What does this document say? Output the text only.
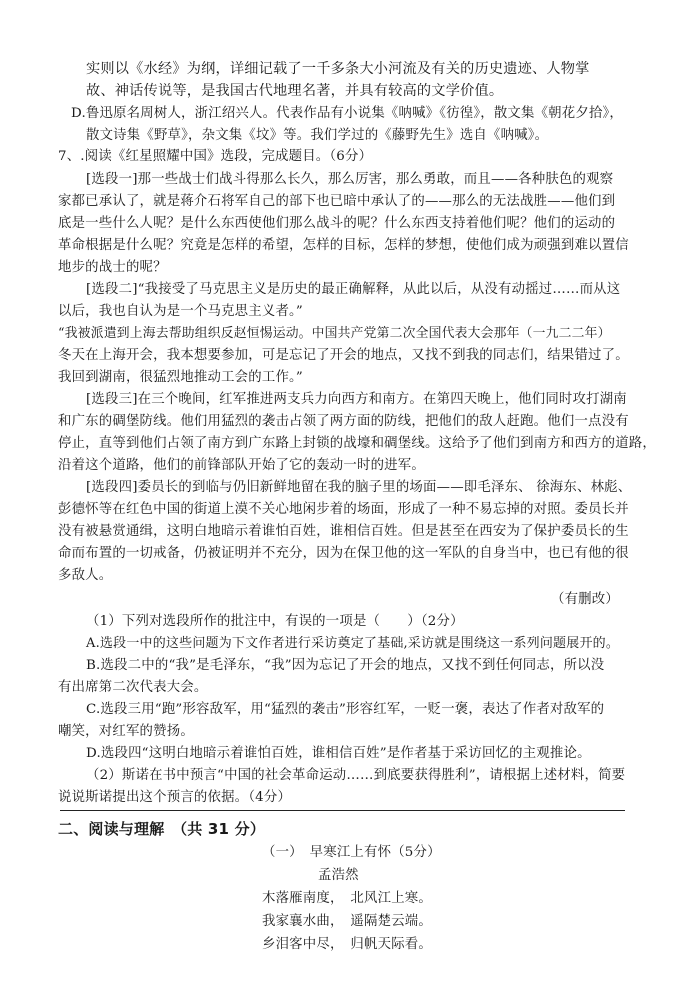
实则以《水经》为纲，详细记载了一千多条大小河流及有关的历史遗迹、人物掌
故、神话传说等，是我国古代地理名著，并具有较高的文学价值。
D.鲁迅原名周树人，浙江绍兴人。代表作品有小说集《呐喊》《彷徨》，散文集《朝花夕拾》，
散文诗集《野草》，杂文集《坟》等。我们学过的《藤野先生》选自《呐喊》。
7、.阅读《红星照耀中国》选段，完成题目。（6分）
[选段一]那一些战士们战斗得那么长久，那么厉害，那么勇敢，而且——各种肤色的观察
家都已承认了，就是蒋介石将军自己的部下也已暗中承认了的——那么的无法战胜——他们到
底是一些什么人呢？是什么东西使他们那么战斗的呢？什么东西支持着他们呢？他们的运动的
革命根据是什么呢？究竟是怎样的希望，怎样的目标，怎样的梦想，使他们成为顽强到难以置信
地步的战士的呢？
[选段二]“我接受了马克思主义是历史的最正确解释，从此以后，从没有动摇过……而从这
以后，我也自认为是一个马克思主义者。”
“我被派遣到上海去帮助组织反赵恒惕运动。中国共产党第二次全国代表大会那年（一九二二年）
冬天在上海开会，我本想要参加，可是忘记了开会的地点，又找不到我的同志们，结果错过了。
我回到湖南，很猛烈地推动工会的工作。”
[选段三]在三个晚间，红军推进两支兵力向西方和南方。在第四天晚上，他们同时攻打湖南
和广东的碉堡防线。他们用猛烈的袭击占领了两方面的防线，把他们的敌人赶跑。他们一点没有
停止，直等到他们占领了南方到广东路上封锁的战壕和碉堡线。这给予了他们到南方和西方的道路，
沿着这个道路，他们的前锋部队开始了它的轰动一时的进军。
[选段四]委员长的到临与仍旧新鲜地留在我的脑子里的场面——即毛泽东、 徐海东、林彪、
彭德怀等在红色中国的街道上漠不关心地闲步着的场面，形成了一种不易忘掉的对照。委员长并
没有被悬赏通缉，这明白地暗示着谁怕百姓，谁相信百姓。但是甚至在西安为了保护委员长的生
命而布置的一切戒备，仍被证明并不充分，因为在保卫他的这一军队的自身当中，也已有他的很
多敌人。
（有删改）
（1）下列对选段所作的批注中，有误的一项是（　　）（2分）
A.选段一中的这些问题为下文作者进行采访奠定了基础,采访就是围绕这一系列问题展开的。
B.选段二中的“我”是毛泽东，“我”因为忘记了开会的地点，又找不到任何同志，所以没
有出席第二次代表大会。
C.选段三用“跑”形容敌军，用“猛烈的袭击”形容红军，一贬一褒，表达了作者对敌军的
嘲笑，对红军的赞扬。
D.选段四“这明白地暗示着谁怕百姓，谁相信百姓”是作者基于采访回忆的主观推论。
（2）斯诺在书中预言“中国的社会革命运动……到底要获得胜利”，请根据上述材料，简要
说说斯诺提出这个预言的依据。（4分）
二、阅读与理解　（共 31 分）
（一）　早寒江上有怀（5分）
孟浩然
木落雁南度，　北风江上寒。
我家襄水曲，　遥隔楚云端。
乡泪客中尽，　归帆天际看。
